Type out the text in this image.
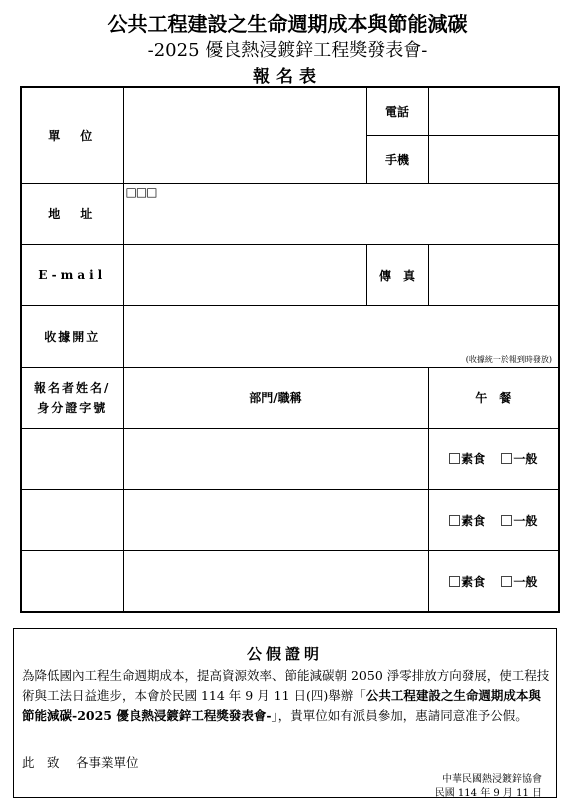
公共工程建設之生命週期成本與節能減碳
-2025 優良熱浸鍍鋅工程獎發表會-
報名表
單　位		電話	
		手機	
地　址	□□□		

E-mail		傳　真	
收據開立	(收據統一於報到時發放)		

報名者姓名/
身分證字號	部門/職稱		午　餐
			素食 一般
			素食 一般
			素食 一般
公假證明
為降低國內工程生命週期成本，提高資源效率、節能減碳朝 2050 淨零排放方向發展，使工程技術與工法日益進步，本會於民國 114 年 9 月 11 日(四)舉辦「公共工程建設之生命週期成本與節能減碳-2025 優良熱浸鍍鋅工程獎發表會-」，貴單位如有派員參加，惠請同意准予公假。
此　致　 各事業單位
中華民國熱浸鍍鋅協會
民國 114 年 9 月 11 日
